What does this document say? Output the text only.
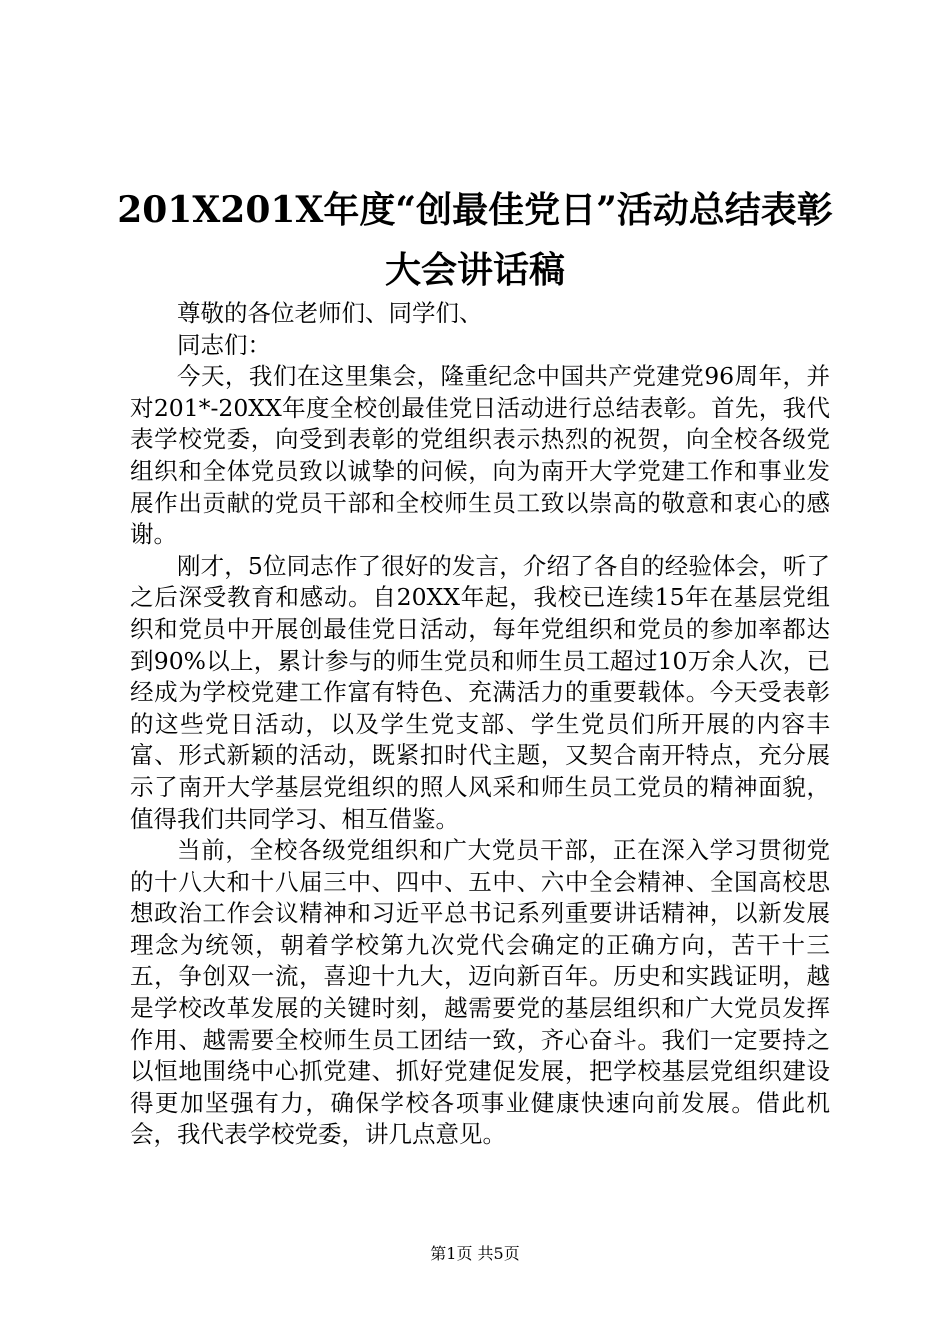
201X201X年度“创最佳党日”活动总结表彰
大会讲话稿

尊敬的各位老师们、同学们、

同志们：

今天，我们在这里集会，隆重纪念中国共产党建党96周年，并对201*-20XX年度全校创最佳党日活动进行总结表彰。首先，我代表学校党委，向受到表彰的党组织表示热烈的祝贺，向全校各级党组织和全体党员致以诚挚的问候，向为南开大学党建工作和事业发展作出贡献的党员干部和全校师生员工致以崇高的敬意和衷心的感谢。

刚才，5位同志作了很好的发言，介绍了各自的经验体会，听了之后深受教育和感动。自20XX年起，我校已连续15年在基层党组织和党员中开展创最佳党日活动，每年党组织和党员的参加率都达到90%以上，累计参与的师生党员和师生员工超过10万余人次，已经成为学校党建工作富有特色、充满活力的重要载体。今天受表彰的这些党日活动，以及学生党支部、学生党员们所开展的内容丰富、形式新颖的活动，既紧扣时代主题，又契合南开特点，充分展示了南开大学基层党组织的照人风采和师生员工党员的精神面貌，值得我们共同学习、相互借鉴。

当前，全校各级党组织和广大党员干部，正在深入学习贯彻党的十八大和十八届三中、四中、五中、六中全会精神、全国高校思想政治工作会议精神和习近平总书记系列重要讲话精神，以新发展理念为统领，朝着学校第九次党代会确定的正确方向，苦干十三五，争创双一流，喜迎十九大，迈向新百年。历史和实践证明，越是学校改革发展的关键时刻，越需要党的基层组织和广大党员发挥作用、越需要全校师生员工团结一致，齐心奋斗。我们一定要持之以恒地围绕中心抓党建、抓好党建促发展，把学校基层党组织建设得更加坚强有力，确保学校各项事业健康快速向前发展。借此机会，我代表学校党委，讲几点意见。

第1页 共5页
